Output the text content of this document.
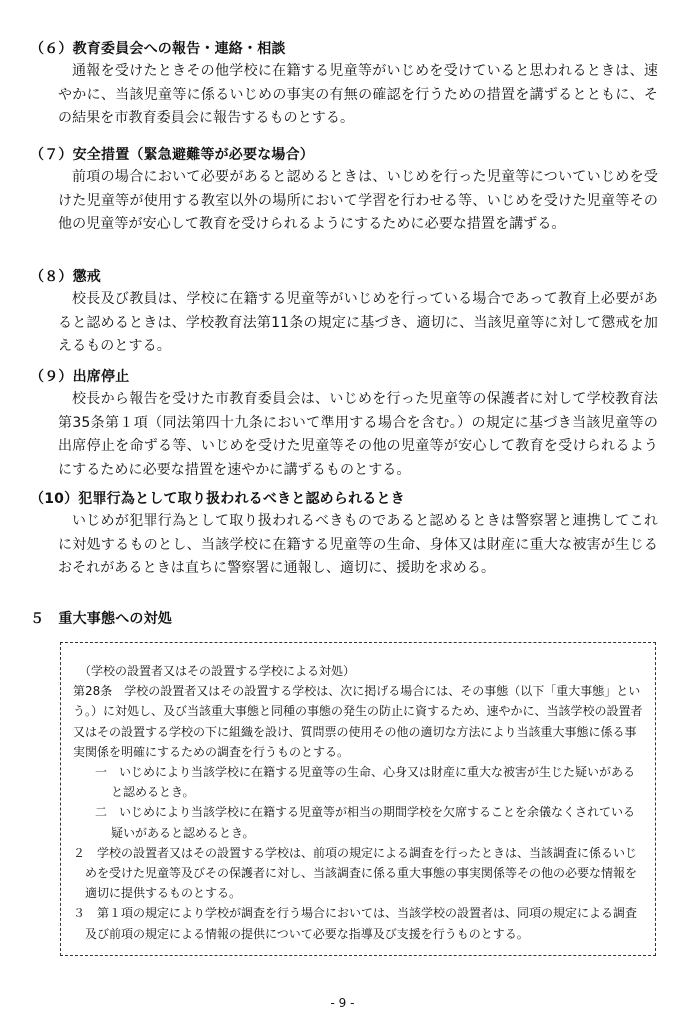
（６）教育委員会への報告・連絡・相談
通報を受けたときその他学校に在籍する児童等がいじめを受けていると思われるときは、速やかに、当該児童等に係るいじめの事実の有無の確認を行うための措置を講ずるとともに、その結果を市教育委員会に報告するものとする。
（７）安全措置（緊急避難等が必要な場合）
前項の場合において必要があると認めるときは、いじめを行った児童等についていじめを受けた児童等が使用する教室以外の場所において学習を行わせる等、いじめを受けた児童等その他の児童等が安心して教育を受けられるようにするために必要な措置を講ずる。
（８）懲戒
校長及び教員は、学校に在籍する児童等がいじめを行っている場合であって教育上必要があると認めるときは、学校教育法第11条の規定に基づき、適切に、当該児童等に対して懲戒を加えるものとする。
（９）出席停止
校長から報告を受けた市教育委員会は、いじめを行った児童等の保護者に対して学校教育法第35条第１項（同法第四十九条において準用する場合を含む。）の規定に基づき当該児童等の出席停止を命ずる等、いじめを受けた児童等その他の児童等が安心して教育を受けられるようにするために必要な措置を速やかに講ずるものとする。
（10）犯罪行為として取り扱われるべきと認められるとき
いじめが犯罪行為として取り扱われるべきものであると認めるときは警察署と連携してこれに対処するものとし、当該学校に在籍する児童等の生命、身体又は財産に重大な被害が生じるおそれがあるときは直ちに警察署に通報し、適切に、援助を求める。
５　重大事態への対処

（学校の設置者又はその設置する学校による対処）

第28条　学校の設置者又はその設置する学校は、次に掲げる場合には、その事態（以下「重大事態」という。）に対処し、及び当該重大事態と同種の事態の発生の防止に資するため、速やかに、当該学校の設置者又はその設置する学校の下に組織を設け、質問票の使用その他の適切な方法により当該重大事態に係る事実関係を明確にするための調査を行うものとする。

一　いじめにより当該学校に在籍する児童等の生命、心身又は財産に重大な被害が生じた疑いがあると認めるとき。

二　いじめにより当該学校に在籍する児童等が相当の期間学校を欠席することを余儀なくされている疑いがあると認めるとき。

２　学校の設置者又はその設置する学校は、前項の規定による調査を行ったときは、当該調査に係るいじめを受けた児童等及びその保護者に対し、当該調査に係る重大事態の事実関係等その他の必要な情報を適切に提供するものとする。

３　第１項の規定により学校が調査を行う場合においては、当該学校の設置者は、同項の規定による調査及び前項の規定による情報の提供について必要な指導及び支援を行うものとする。

- 9 -
